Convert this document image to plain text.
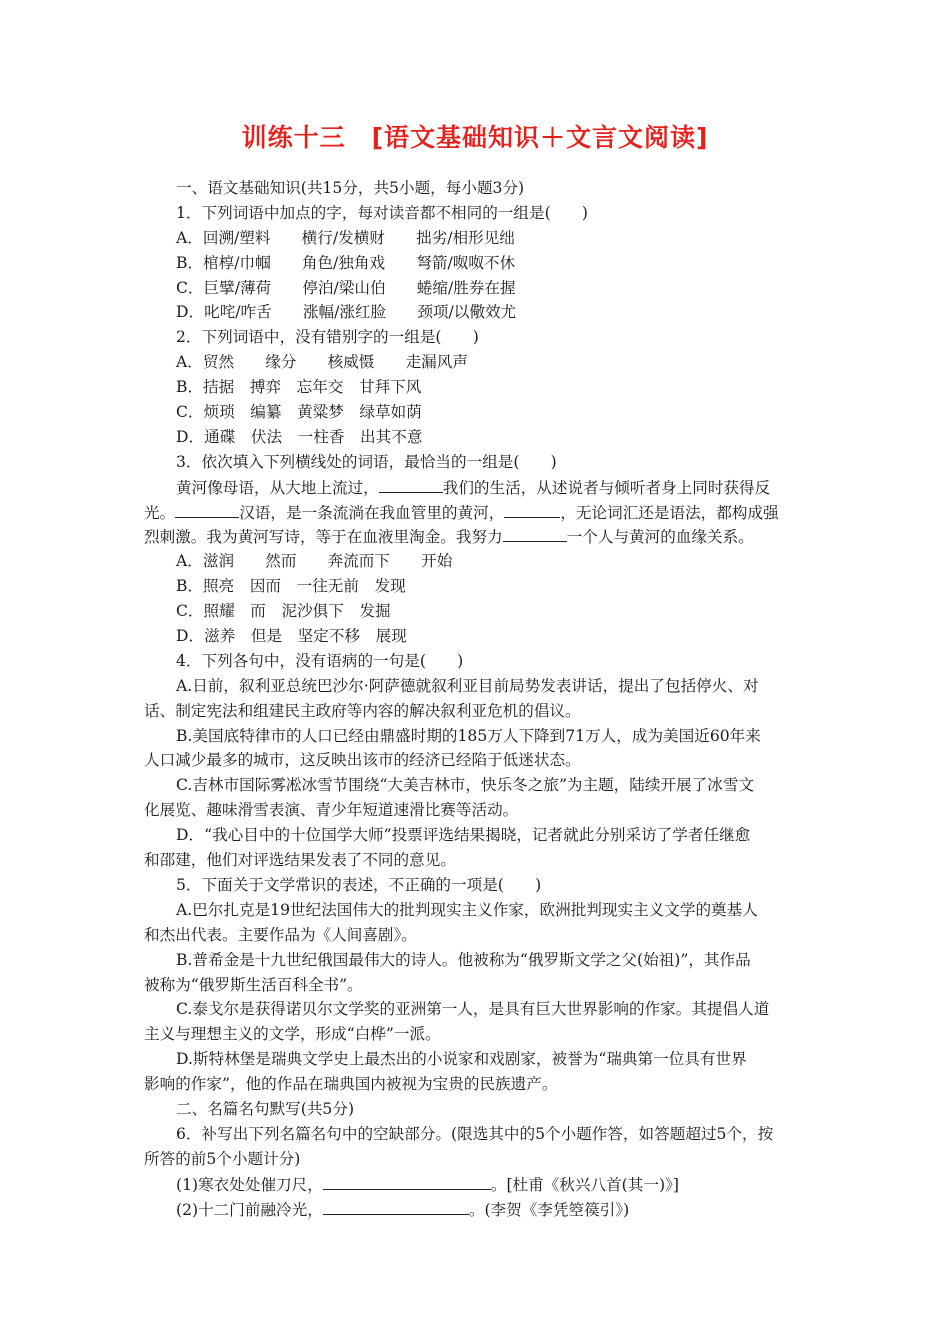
训练十三　[语文基础知识＋文言文阅读]
一、语文基础知识(共15分，共5小题，每小题3分)
1．下列词语中加点的字，每对读音都不相同的一组是(　　)
A．回溯/塑料　　横行/发横财　　拙劣/相形见绌
B．棺椁/巾帼　　角色/独角戏　　弩箭/呶呶不休
C．巨擘/薄荷　　停泊/梁山伯　　蜷缩/胜券在握
D．叱咤/咋舌　　涨幅/涨红脸　　颈项/以儆效尤
2．下列词语中，没有错别字的一组是(　　)
A．贸然　　缘分　　核威慑　　走漏风声
B．拮据　搏弈　忘年交　甘拜下风
C．烦琐　编纂　黄粱梦　绿草如荫
D．通碟　伏法　一柱香　出其不意
3．依次填入下列横线处的词语，最恰当的一组是(　　)
黄河像母语，从大地上流过，	我们的生活，从述说者与倾听者身上同时获得反
光。	汉语，是一条流淌在我血管里的黄河，	，无论词汇还是语法，都构成强
烈刺激。我为黄河写诗，等于在血液里淘金。我努力	一个人与黄河的血缘关系。
A．滋润　　然而　　奔流而下　　开始
B．照亮　因而　一往无前　发现
C．照耀　而　泥沙俱下　发掘
D．滋养　但是　坚定不移　展现
4．下列各句中，没有语病的一句是(　　)
A.日前，叙利亚总统巴沙尔·阿萨德就叙利亚目前局势发表讲话，提出了包括停火、对
话、制定宪法和组建民主政府等内容的解决叙利亚危机的倡议。
B.美国底特律市的人口已经由鼎盛时期的185万人下降到71万人，成为美国近60年来
人口减少最多的城市，这反映出该市的经济已经陷于低迷状态。
C.吉林市国际雾凇冰雪节围绕“大美吉林市，快乐冬之旅”为主题，陆续开展了冰雪文
化展览、趣味滑雪表演、青少年短道速滑比赛等活动。
D．“我心目中的十位国学大师”投票评选结果揭晓，记者就此分别采访了学者任继愈
和邵建，他们对评选结果发表了不同的意见。
5．下面关于文学常识的表述，不正确的一项是(　　)
A.巴尔扎克是19世纪法国伟大的批判现实主义作家，欧洲批判现实主义文学的奠基人
和杰出代表。主要作品为《人间喜剧》。
B.普希金是十九世纪俄国最伟大的诗人。他被称为“俄罗斯文学之父(始祖)”，其作品
被称为“俄罗斯生活百科全书”。
C.泰戈尔是获得诺贝尔文学奖的亚洲第一人，是具有巨大世界影响的作家。其提倡人道
主义与理想主义的文学，形成“白桦”一派。
D.斯特林堡是瑞典文学史上最杰出的小说家和戏剧家，被誉为“瑞典第一位具有世界
影响的作家”，他的作品在瑞典国内被视为宝贵的民族遗产。
二、名篇名句默写(共5分)
6．补写出下列名篇名句中的空缺部分。(限选其中的5个小题作答，如答题超过5个，按
所答的前5个小题计分)
(1)寒衣处处催刀尺，	。[杜甫《秋兴八首(其一)》]
(2)十二门前融冷光，	。(李贺《李凭箜篌引》)
